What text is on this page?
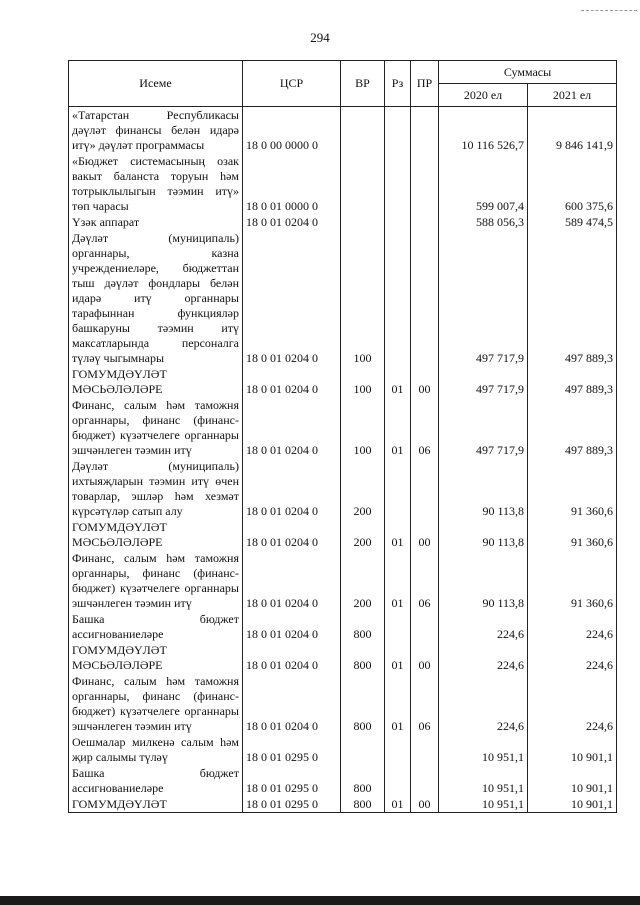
294
Исеме	ЦСР	ВР	Рз	ПР	Суммасы	
					2020 ел	2021 ел
«Татарстан Республикасы дәүләт финансы белән идарә итү» дәүләт программасы	18 0 00 0000 0				10 116 526,7	9 846 141,9
«Бюджет системасының озак вакыт баланста торуын һәм тотрыклылыгын тәэмин итү» төп чарасы	18 0 01 0000 0				599 007,4	600 375,6
Үзәк аппарат	18 0 01 0204 0				588 056,3	589 474,5
Дәүләт (муниципаль) органнары, казна учреждениеләре, бюджеттан тыш дәүләт фондлары белән идарә итү органнары тарафыннан функцияләр башкаруны тәэмин итү максатларында персоналга түләү чыгымнары	18 0 01 0204 0	100			497 717,9	497 889,3
ГОМУМДӘҮЛӘТ МӘСЬӘЛӘЛӘРЕ	18 0 01 0204 0	100	01	00	497 717,9	497 889,3
Финанс, салым һәм таможня органнары, финанс (финанс-бюджет) күзәтчелеге органнары эшчәнлеген тәэмин итү	18 0 01 0204 0	100	01	06	497 717,9	497 889,3
Дәүләт (муниципаль) ихтыяҗларын тәэмин итү өчен товарлар, эшләр һәм хезмәт күрсәтүләр сатып алу	18 0 01 0204 0	200			90 113,8	91 360,6
ГОМУМДӘҮЛӘТ МӘСЬӘЛӘЛӘРЕ	18 0 01 0204 0	200	01	00	90 113,8	91 360,6
Финанс, салым һәм таможня органнары, финанс (финанс-бюджет) күзәтчелеге органнары эшчәнлеген тәэмин итү	18 0 01 0204 0	200	01	06	90 113,8	91 360,6
Башка бюджет ассигнованиеләре	18 0 01 0204 0	800			224,6	224,6
ГОМУМДӘҮЛӘТ МӘСЬӘЛӘЛӘРЕ	18 0 01 0204 0	800	01	00	224,6	224,6
Финанс, салым һәм таможня органнары, финанс (финанс-бюджет) күзәтчелеге органнары эшчәнлеген тәэмин итү	18 0 01 0204 0	800	01	06	224,6	224,6
Оешмалар милкенә салым һәм җир салымы түләү	18 0 01 0295 0				10 951,1	10 901,1
Башка бюджет ассигнованиеләре	18 0 01 0295 0	800			10 951,1	10 901,1
ГОМУМДӘҮЛӘТ	18 0 01 0295 0	800	01	00	10 951,1	10 901,1
